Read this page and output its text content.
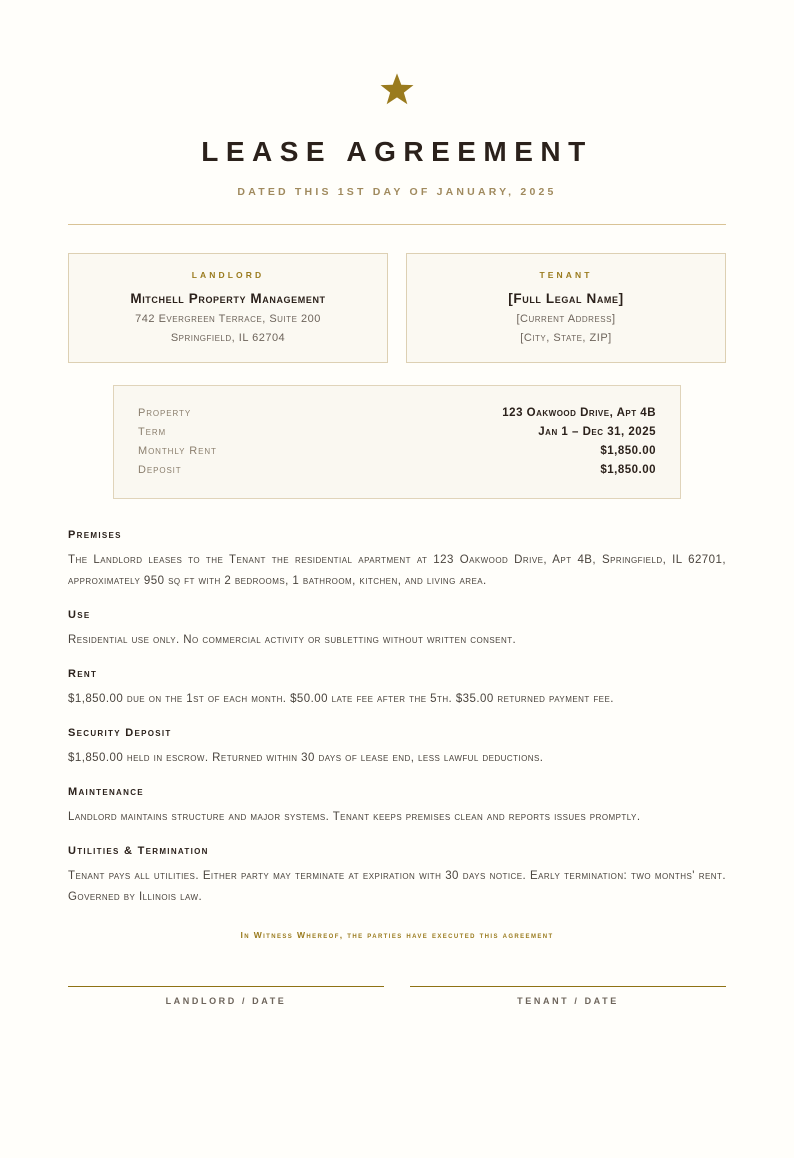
LEASE AGREEMENT
DATED THIS 1ST DAY OF JANUARY, 2025
LANDLORD
Mitchell Property Management
742 Evergreen Terrace, Suite 200
Springfield, IL 62704
TENANT
[Full Legal Name]
[Current Address]
[City, State, ZIP]
Property	123 Oakwood Drive, Apt 4B
Term	Jan 1 – Dec 31, 2025
Monthly Rent	$1,850.00
Deposit	$1,850.00
Premises
The Landlord leases to the Tenant the residential apartment at 123 Oakwood Drive, Apt 4B, Springfield, IL 62701, approximately 950 sq ft with 2 bedrooms, 1 bathroom, kitchen, and living area.
Use
Residential use only. No commercial activity or subletting without written consent.
Rent
$1,850.00 due on the 1st of each month. $50.00 late fee after the 5th. $35.00 returned payment fee.
Security Deposit
$1,850.00 held in escrow. Returned within 30 days of lease end, less lawful deductions.
Maintenance
Landlord maintains structure and major systems. Tenant keeps premises clean and reports issues promptly.
Utilities & Termination
Tenant pays all utilities. Either party may terminate at expiration with 30 days notice. Early termination: two months' rent. Governed by Illinois law.
In Witness Whereof, the parties have executed this agreement
LANDLORD / DATE	TENANT / DATE
